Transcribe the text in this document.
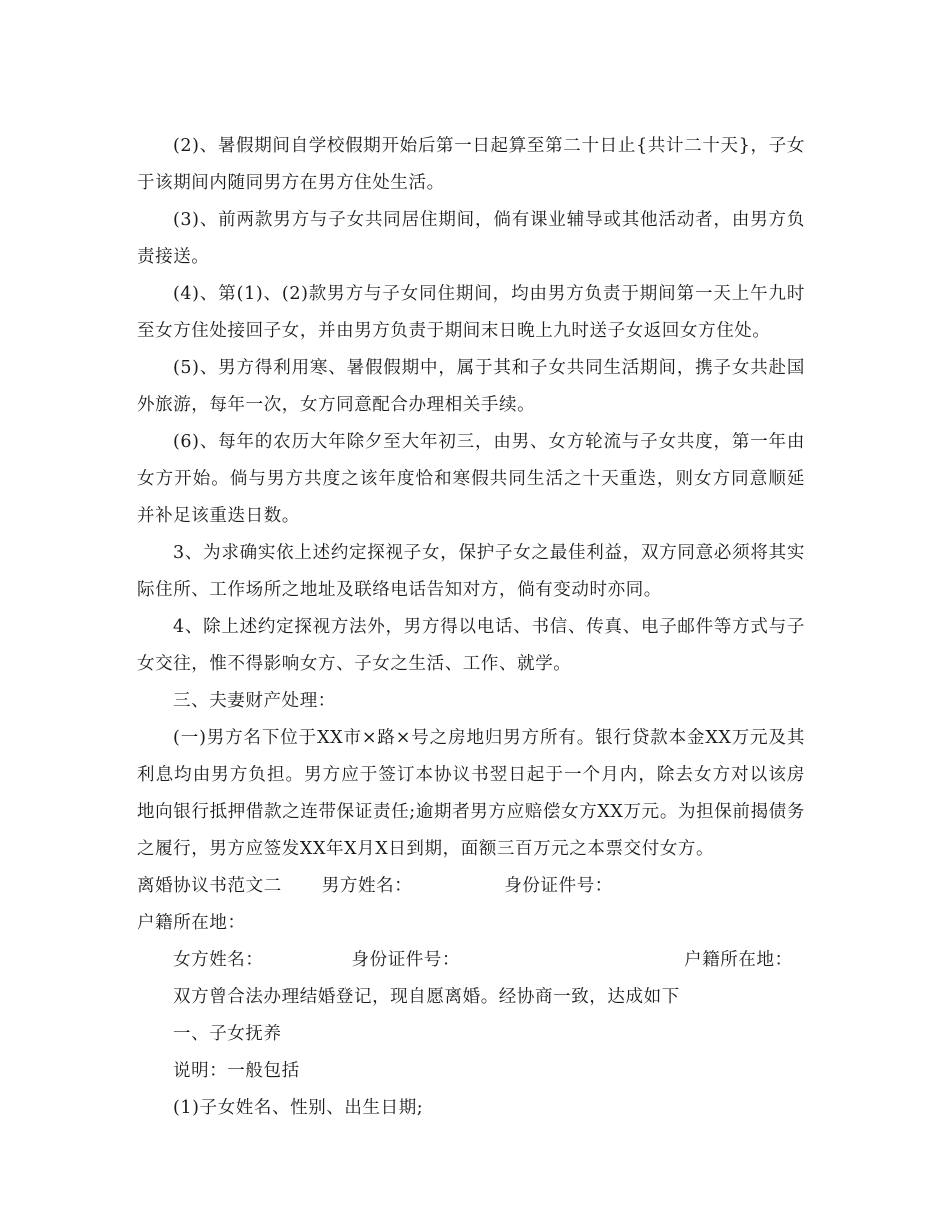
(2)、暑假期间自学校假期开始后第一日起算至第二十日止{共计二十天}，子女于该期间内随同男方在男方住处生活。

(3)、前两款男方与子女共同居住期间，倘有课业辅导或其他活动者，由男方负责接送。

(4)、第(1)、(2)款男方与子女同住期间，均由男方负责于期间第一天上午九时至女方住处接回子女，并由男方负责于期间末日晚上九时送子女返回女方住处。

(5)、男方得利用寒、暑假假期中，属于其和子女共同生活期间，携子女共赴国外旅游，每年一次，女方同意配合办理相关手续。

(6)、每年的农历大年除夕至大年初三，由男、女方轮流与子女共度，第一年由女方开始。倘与男方共度之该年度恰和寒假共同生活之十天重迭，则女方同意顺延并补足该重迭日数。

3、为求确实依上述约定探视子女，保护子女之最佳利益，双方同意必须将其实际住所、工作场所之地址及联络电话告知对方，倘有变动时亦同。

4、除上述约定探视方法外，男方得以电话、书信、传真、电子邮件等方式与子女交往，惟不得影响女方、子女之生活、工作、就学。

三、夫妻财产处理：

(一)男方名下位于XX市×路×号之房地归男方所有。银行贷款本金XX万元及其利息均由男方负担。男方应于签订本协议书翌日起于一个月内，除去女方对以该房地向银行抵押借款之连带保证责任;逾期者男方应赔偿女方XX万元。为担保前揭债务之履行，男方应签发XX年X月X日到期，面额三百万元之本票交付女方。

离婚协议书范文二 男方姓名：	身份证件号：
户籍所在地：
女方姓名：	身份证件号：	户籍所在地：
双方曾合法办理结婚登记，现自愿离婚。经协商一致，达成如下
一、子女抚养
说明：一般包括
(1)子女姓名、性别、出生日期;
